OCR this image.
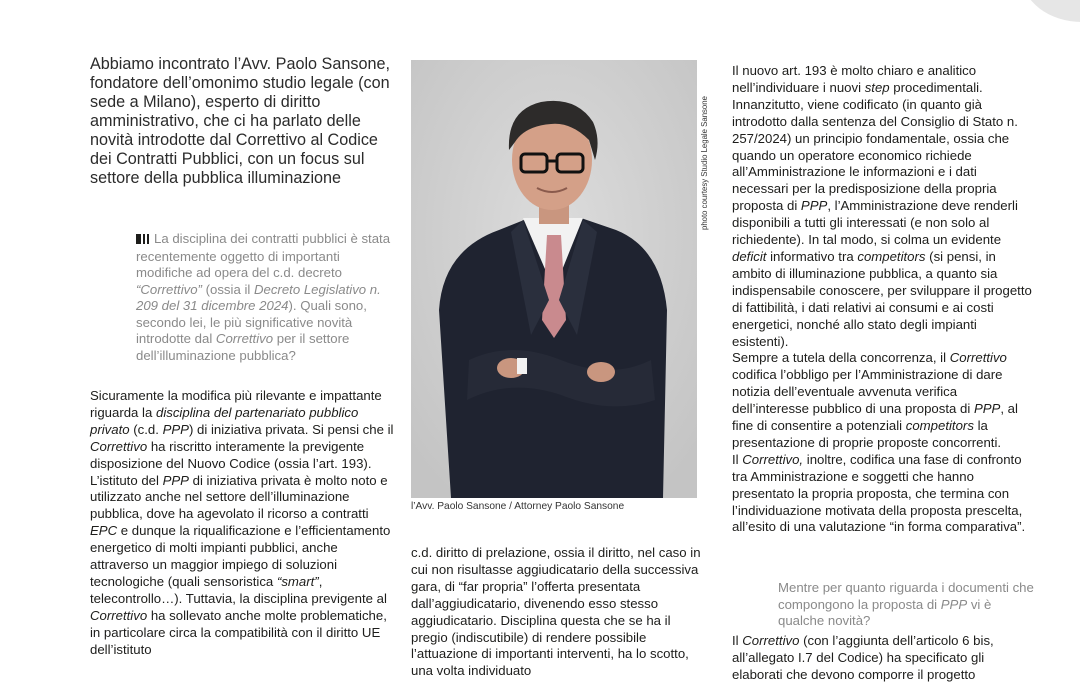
Abbiamo incontrato l’Avv. Paolo Sansone, fondatore dell’omonimo studio legale (con sede a Milano), esperto di diritto amministrativo, che ci ha parlato delle novità introdotte dal Correttivo al Codice dei Contratti Pubblici, con un focus sul settore della pubblica illuminazione
La disciplina dei contratti pubblici è stata recentemente oggetto di importanti modifiche ad opera del c.d. decreto “Correttivo” (ossia il Decreto Legislativo n. 209 del 31 dicembre 2024). Quali sono, secondo lei, le più significative novità introdotte dal Correttivo per il settore dell’illuminazione pubblica?
Sicuramente la modifica più rilevante e impattante riguarda la disciplina del partenariato pubblico privato (c.d. PPP) di iniziativa privata. Si pensi che il Correttivo ha riscritto interamente la previgente disposizione del Nuovo Codice (ossia l’art. 193). L’istituto del PPP di iniziativa privata è molto noto e utilizzato anche nel settore dell’illuminazione pubblica, dove ha agevolato il ricorso a contratti EPC e dunque la riqualificazione e l’efficientamento energetico di molti impianti pubblici, anche attraverso un maggior impiego di soluzioni tecnologiche (quali sensoristica “smart”, telecontrollo…). Tuttavia, la disciplina previgente al Correttivo ha sollevato anche molte problematiche, in particolare circa la compatibilità con il diritto UE dell’istituto
photo courtesy Studio Legale Sansone
l’Avv. Paolo Sansone / Attorney Paolo Sansone
c.d. diritto di prelazione, ossia il diritto, nel caso in cui non risultasse aggiudicatario della successiva gara, di “far propria” l’offerta presentata dall’aggiudicatario, divenendo esso stesso aggiudicatario. Disciplina questa che se ha il pregio (indiscutibile) di rendere possibile l’attuazione di importanti interventi, ha lo scotto, una volta individuato
Il nuovo art. 193 è molto chiaro e analitico nell’individuare i nuovi step procedimentali. Innanzitutto, viene codificato (in quanto già introdotto dalla sentenza del Consiglio di Stato n. 257/2024) un principio fondamentale, ossia che quando un operatore economico richiede all’Amministrazione le informazioni e i dati necessari per la predisposizione della propria proposta di PPP, l’Amministrazione deve renderli disponibili a tutti gli interessati (e non solo al richiedente). In tal modo, si colma un evidente deficit informativo tra competitors (si pensi, in ambito di illuminazione pubblica, a quanto sia indispensabile conoscere, per sviluppare il progetto di fattibilità, i dati relativi ai consumi e ai costi energetici, nonché allo stato degli impianti esistenti).
Sempre a tutela della concorrenza, il Correttivo codifica l’obbligo per l’Amministrazione di dare notizia dell’eventuale avvenuta verifica dell’interesse pubblico di una proposta di PPP, al fine di consentire a potenziali competitors la presentazione di proprie proposte concorrenti.
Il Correttivo, inoltre, codifica una fase di confronto tra Amministrazione e soggetti che hanno presentato la propria proposta, che termina con l’individuazione motivata della proposta prescelta, all’esito di una valutazione “in forma comparativa”.
Mentre per quanto riguarda i documenti che compongono la proposta di PPP vi è qualche novità?
Il Correttivo (con l’aggiunta dell’articolo 6 bis, all’allegato I.7 del Codice) ha specificato gli elaborati che devono comporre il progetto
